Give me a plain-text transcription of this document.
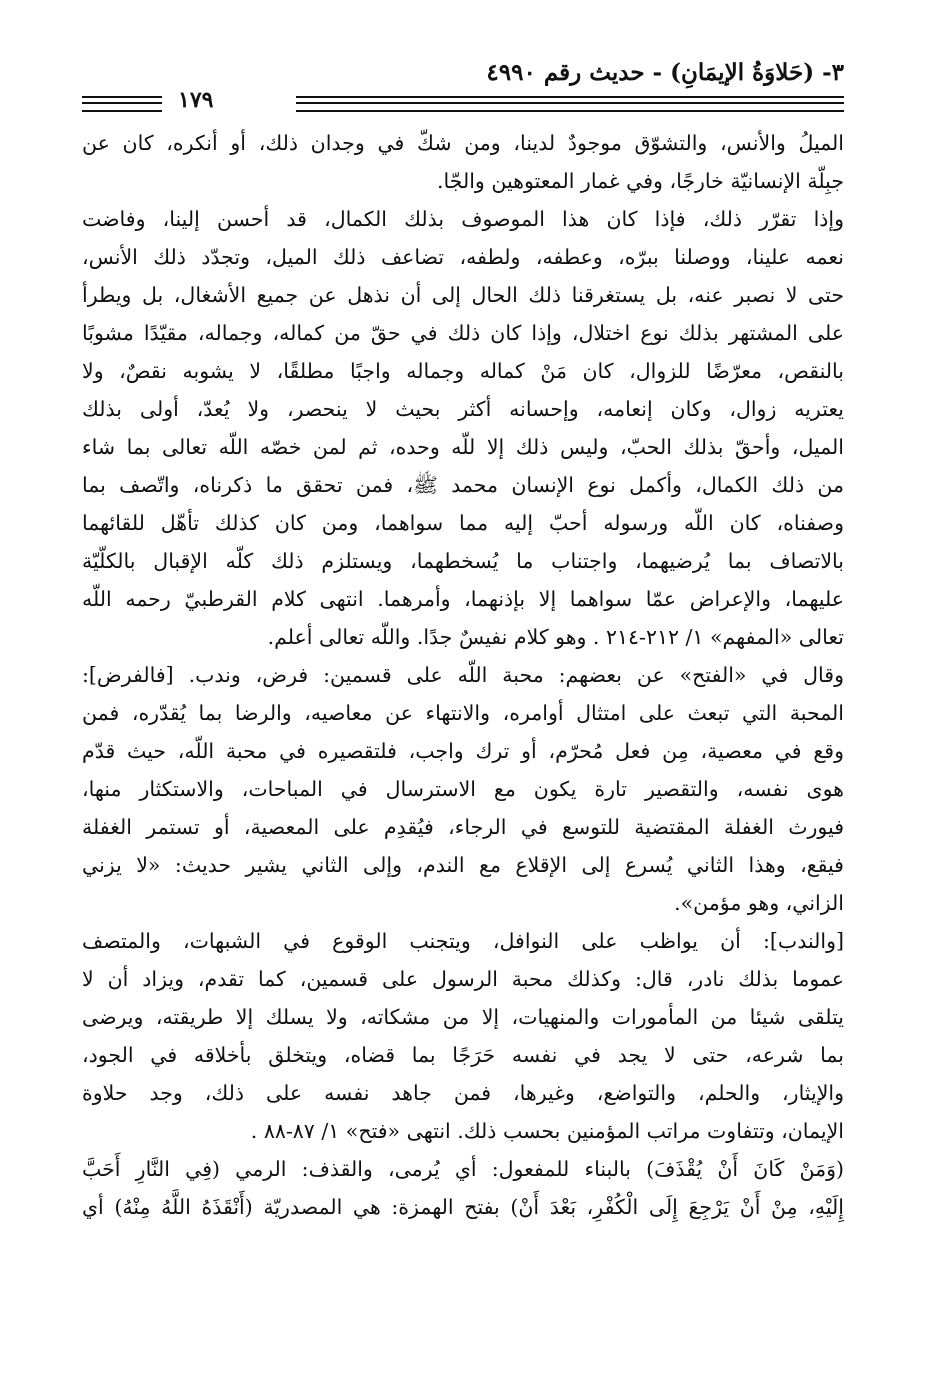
٣- (حَلاوَةُ الإيمَانِ) - حديث رقم ٤٩٩٠
١٧٩
الميلُ والأنس، والتشوّق موجودٌ لدينا، ومن شكّ في وجدان ذلك، أو أنكره، كان عن
جبِلّة الإنسانيّة خارجًا، وفي غمار المعتوهين والجّا.
وإذا تقرّر ذلك، فإذا كان هذا الموصوف بذلك الكمال، قد أحسن إلينا، وفاضت
نعمه علينا، ووصلنا ببرّه، وعطفه، ولطفه، تضاعف ذلك الميل، وتجدّد ذلك الأنس،
حتى لا نصبر عنه، بل يستغرقنا ذلك الحال إلى أن نذهل عن جميع الأشغال، بل ويطرأ
على المشتهر بذلك نوع اختلال، وإذا كان ذلك في حقّ من كماله، وجماله، مقيّدًا مشوبًا
بالنقص، معرّضًا للزوال، كان مَنْ كماله وجماله واجبًا مطلقًا، لا يشوبه نقصٌ، ولا
يعتريه زوال، وكان إنعامه، وإحسانه أكثر بحيث لا ينحصر، ولا يُعدّ، أولى بذلك
الميل، وأحقّ بذلك الحبّ، وليس ذلك إلا للّه وحده، ثم لمن خصّه اللّه تعالى بما شاء
من ذلك الكمال، وأكمل نوع الإنسان محمد ﷺ، فمن تحقق ما ذكرناه، واتّصف بما
وصفناه، كان اللّه ورسوله أحبّ إليه مما سواهما، ومن كان كذلك تأهّل للقائهما
بالاتصاف بما يُرضيهما، واجتناب ما يُسخطهما، ويستلزم ذلك كلّه الإقبال بالكلّيّة
عليهما، والإعراض عمّا سواهما إلا بإذنهما، وأمرهما. انتهى كلام القرطبيّ رحمه اللّه
تعالى «المفهم» ١/ ٢١٢-٢١٤ . وهو كلام نفيسٌ جدًا. واللّه تعالى أعلم.
وقال في «الفتح» عن بعضهم: محبة اللّه على قسمين: فرض، وندب. [فالفرض]:
المحبة التي تبعث على امتثال أوامره، والانتهاء عن معاصيه، والرضا بما يُقدّره، فمن
وقع في معصية، مِن فعل مُحرّم، أو ترك واجب، فلتقصيره في محبة اللّه، حيث قدّم
هوى نفسه، والتقصير تارة يكون مع الاسترسال في المباحات، والاستكثار منها،
فيورث الغفلة المقتضية للتوسع في الرجاء، فيُقدِم على المعصية، أو تستمر الغفلة
فيقع، وهذا الثاني يُسرع إلى الإقلاع مع الندم، وإلى الثاني يشير حديث: «لا يزني
الزاني، وهو مؤمن».
[والندب]: أن يواظب على النوافل، ويتجنب الوقوع في الشبهات، والمتصف
عموما بذلك نادر، قال: وكذلك محبة الرسول على قسمين، كما تقدم، ويزاد أن لا
يتلقى شيئا من المأمورات والمنهيات، إلا من مشكاته، ولا يسلك إلا طريقته، ويرضى
بما شرعه، حتى لا يجد في نفسه حَرَجًا بما قضاه، ويتخلق بأخلاقه في الجود،
والإيثار، والحلم، والتواضع، وغيرها، فمن جاهد نفسه على ذلك، وجد حلاوة
الإيمان، وتتفاوت مراتب المؤمنين بحسب ذلك. انتهى «فتح» ١/ ٨٧-٨٨ .
(وَمَنْ كَانَ أَنْ يُقْذَفَ) بالبناء للمفعول: أي يُرمى، والقذف: الرمي (فِي النَّارِ أَحَبَّ
إِلَيْهِ، مِنْ أَنْ يَرْجِعَ إِلَى الْكُفْرِ، بَعْدَ أَنْ) بفتح الهمزة: هي المصدريّة (أَنْقَذَهُ اللَّهُ مِنْهُ) أي
